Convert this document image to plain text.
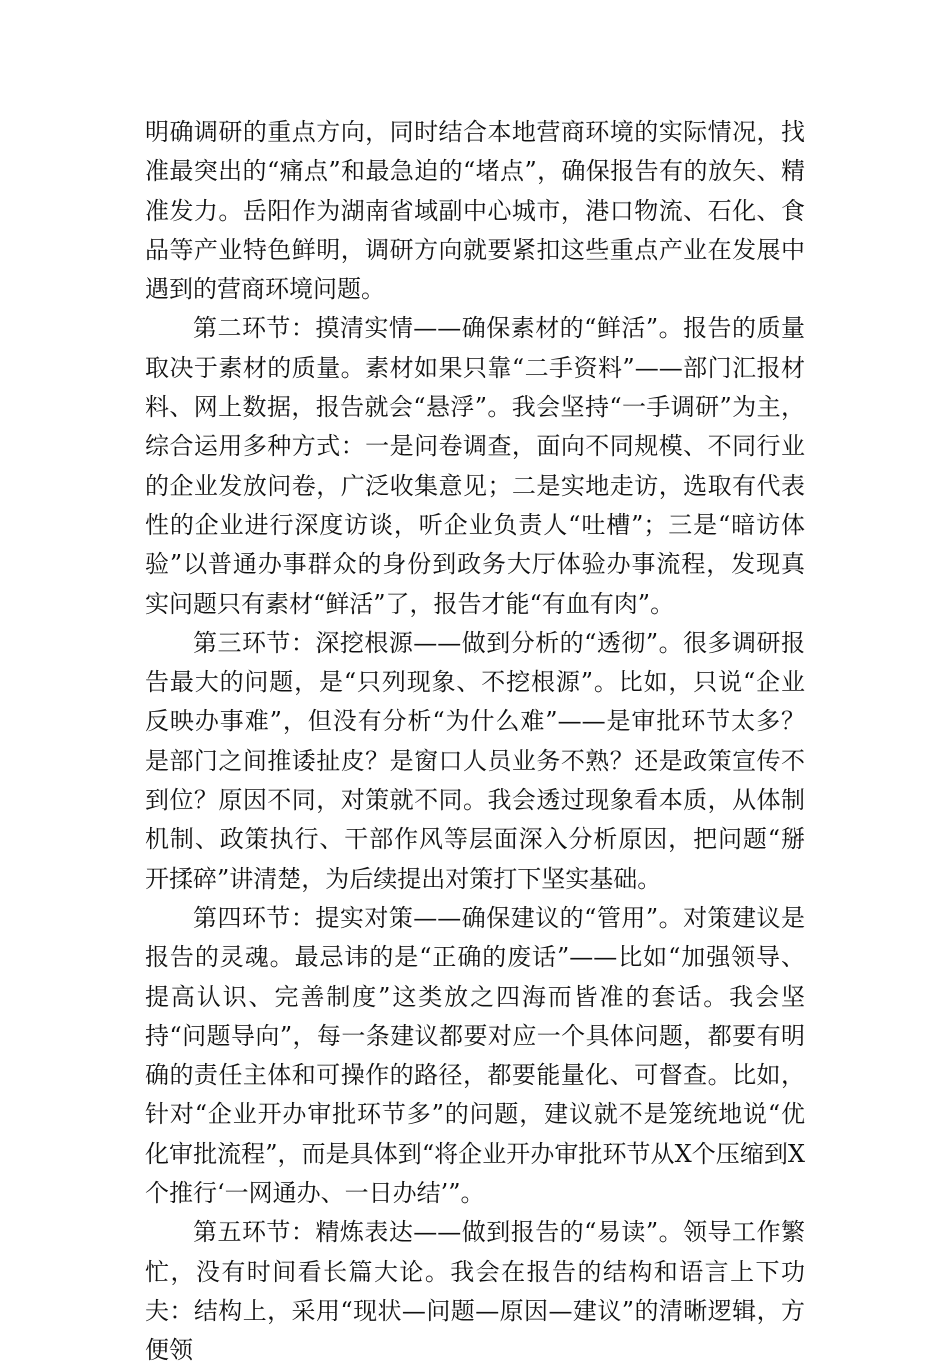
明确调研的重点方向，同时结合本地营商环境的实际情况，找准最突出的“痛点”和最急迫的“堵点”，确保报告有的放矢、精准发力。岳阳作为湖南省域副中心城市，港口物流、石化、食品等产业特色鲜明，调研方向就要紧扣这些重点产业在发展中遇到的营商环境问题。

第二环节：摸清实情——确保素材的“鲜活”。报告的质量取决于素材的质量。素材如果只靠“二手资料”——部门汇报材料、网上数据，报告就会“悬浮”。我会坚持“一手调研”为主，综合运用多种方式：一是问卷调查，面向不同规模、不同行业的企业发放问卷，广泛收集意见；二是实地走访，选取有代表性的企业进行深度访谈，听企业负责人“吐槽”；三是“暗访体验”以普通办事群众的身份到政务大厅体验办事流程，发现真实问题只有素材“鲜活”了，报告才能“有血有肉”。

第三环节：深挖根源——做到分析的“透彻”。很多调研报告最大的问题，是“只列现象、不挖根源”。比如，只说“企业反映办事难”，但没有分析“为什么难”——是审批环节太多？是部门之间推诿扯皮？是窗口人员业务不熟？还是政策宣传不到位？原因不同，对策就不同。我会透过现象看本质，从体制机制、政策执行、干部作风等层面深入分析原因，把问题“掰开揉碎”讲清楚，为后续提出对策打下坚实基础。

第四环节：提实对策——确保建议的“管用”。对策建议是报告的灵魂。最忌讳的是“正确的废话”——比如“加强领导、提高认识、完善制度”这类放之四海而皆准的套话。我会坚持“问题导向”，每一条建议都要对应一个具体问题，都要有明确的责任主体和可操作的路径，都要能量化、可督查。比如，针对“企业开办审批环节多”的问题，建议就不是笼统地说“优化审批流程”，而是具体到“将企业开办审批环节从X个压缩到X个推行‘一网通办、一日办结’”。

第五环节：精炼表达——做到报告的“易读”。领导工作繁忙，没有时间看长篇大论。我会在报告的结构和语言上下功夫：结构上，采用“现状—问题—原因—建议”的清晰逻辑，方便领
